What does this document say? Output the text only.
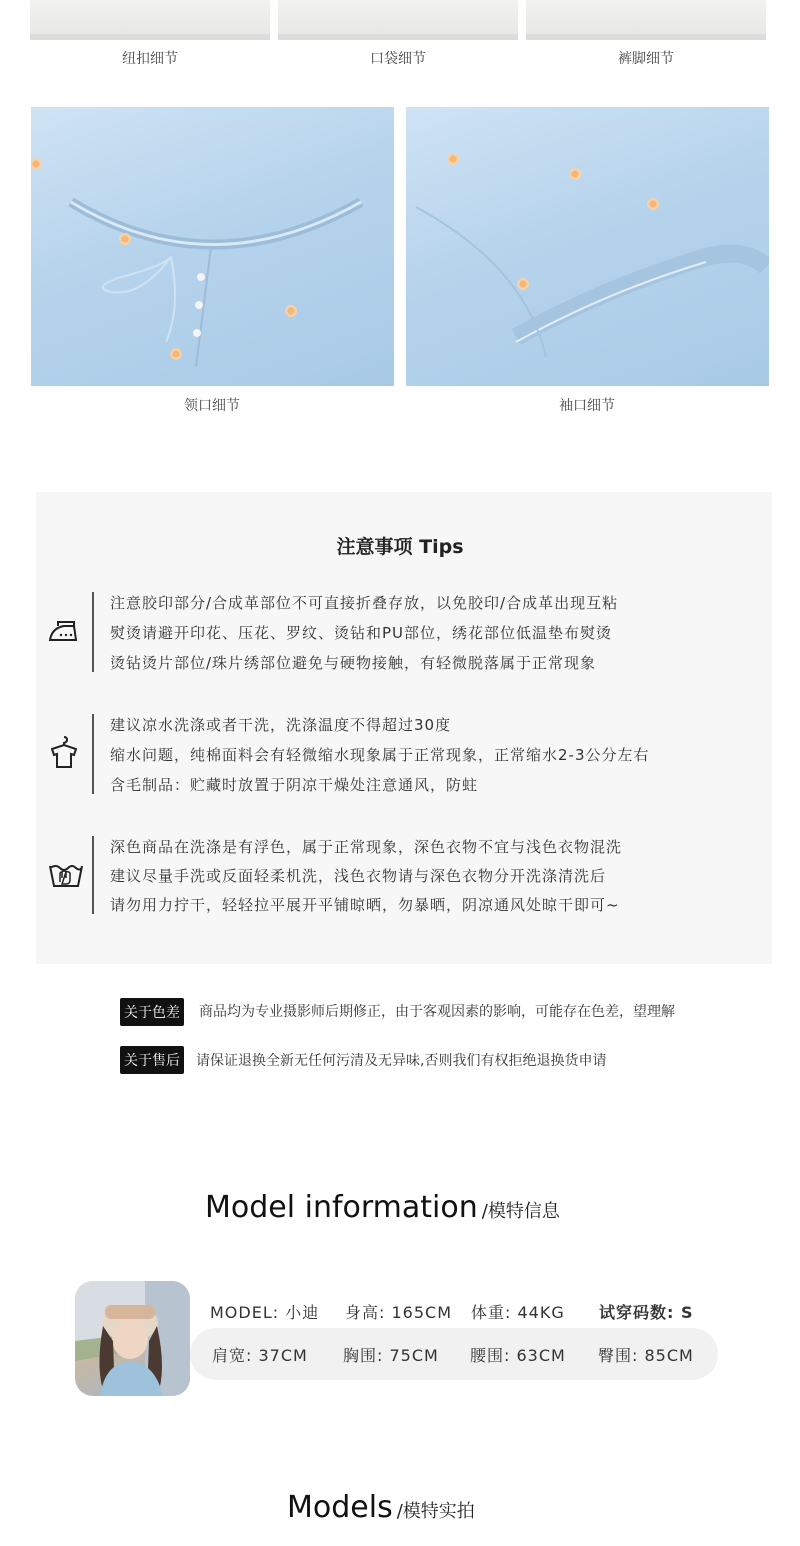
纽扣细节	口袋细节	裤脚细节
领口细节	袖口细节
注意事项 Tips
注意胶印部分/合成革部位不可直接折叠存放，以免胶印/合成革出现互粘
熨烫请避开印花、压花、罗纹、烫钻和PU部位，绣花部位低温垫布熨烫
烫钻烫片部位/珠片绣部位避免与硬物接触，有轻微脱落属于正常现象
建议凉水洗涤或者干洗，洗涤温度不得超过30度
缩水问题，纯棉面料会有轻微缩水现象属于正常现象，正常缩水2-3公分左右
含毛制品：贮藏时放置于阴凉干燥处注意通风，防蛀
深色商品在洗涤是有浮色，属于正常现象，深色衣物不宜与浅色衣物混洗
建议尽量手洗或反面轻柔机洗，浅色衣物请与深色衣物分开洗涤清洗后
请勿用力拧干，轻轻拉平展开平铺晾晒，勿暴晒，阴凉通风处晾干即可~
关于色差 商品均为专业摄影师后期修正，由于客观因素的影响，可能存在色差，望理解
关于售后 请保证退换全新无任何污清及无异味,否则我们有权拒绝退换货申请
Model information /模特信息
MODEL: 小迪 身高: 165CM 体重: 44KG 试穿码数: S
肩宽: 37CM 胸围: 75CM 腰围: 63CM 臀围: 85CM
Models /模特实拍
